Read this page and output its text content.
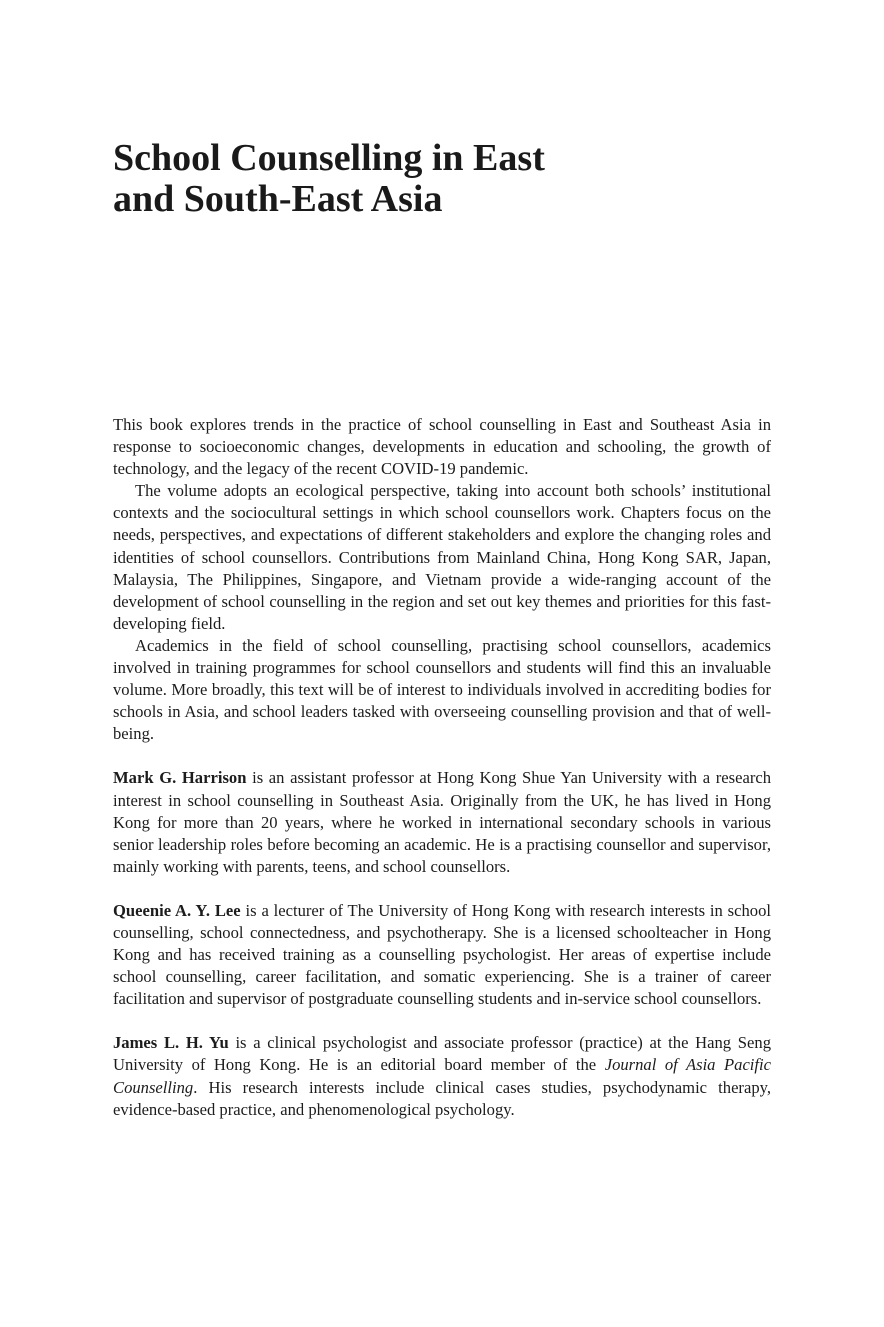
School Counselling in East
and South-East Asia

This book explores trends in the practice of school counselling in East and Southeast Asia in response to socioeconomic changes, developments in education and schooling, the growth of technology, and the legacy of the recent COVID-19 pandemic.

The volume adopts an ecological perspective, taking into account both schools’ institutional contexts and the sociocultural settings in which school counsellors work. Chapters focus on the needs, perspectives, and expectations of different stakeholders and explore the changing roles and identities of school counsellors. Contributions from Mainland China, Hong Kong SAR, Japan, Malaysia, The Philippines, Singapore, and Vietnam provide a wide-ranging account of the development of school counselling in the region and set out key themes and priorities for this fast-developing field.

Academics in the field of school counselling, practising school counsellors, academics involved in training programmes for school counsellors and students will find this an invaluable volume. More broadly, this text will be of interest to individuals involved in accrediting bodies for schools in Asia, and school leaders tasked with overseeing counselling provision and that of well-being.

Mark G. Harrison is an assistant professor at Hong Kong Shue Yan University with a research interest in school counselling in Southeast Asia. Originally from the UK, he has lived in Hong Kong for more than 20 years, where he worked in international secondary schools in various senior leadership roles before becoming an academic. He is a practising counsellor and supervisor, mainly working with parents, teens, and school counsellors.

Queenie A. Y. Lee is a lecturer of The University of Hong Kong with research interests in school counselling, school connectedness, and psychotherapy. She is a licensed schoolteacher in Hong Kong and has received training as a counselling psychologist. Her areas of expertise include school counselling, career facilitation, and somatic experiencing. She is a trainer of career facilitation and supervisor of postgraduate counselling students and in-service school counsellors.

James L. H. Yu is a clinical psychologist and associate professor (practice) at the Hang Seng University of Hong Kong. He is an editorial board member of the Journal of Asia Pacific Counselling. His research interests include clinical cases studies, psychodynamic therapy, evidence-based practice, and phenomenological psychology.
